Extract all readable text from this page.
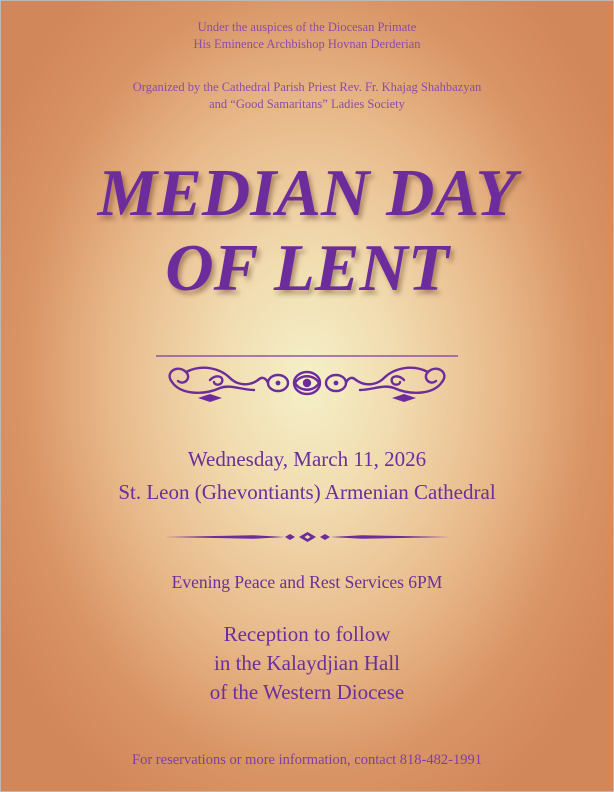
Under the auspices of the Diocesan Primate
His Eminence Archbishop Hovnan Derderian
Organized by the Cathedral Parish Priest Rev. Fr. Khajag Shahbazyan
and “Good Samaritans” Ladies Society
MEDIAN DAY
OF LENT
Wednesday, March 11, 2026
St. Leon (Ghevontiants) Armenian Cathedral
Evening Peace and Rest Services 6PM
Reception to follow
in the Kalaydjian Hall
of the Western Diocese
For reservations or more information, contact 818-482-1991
